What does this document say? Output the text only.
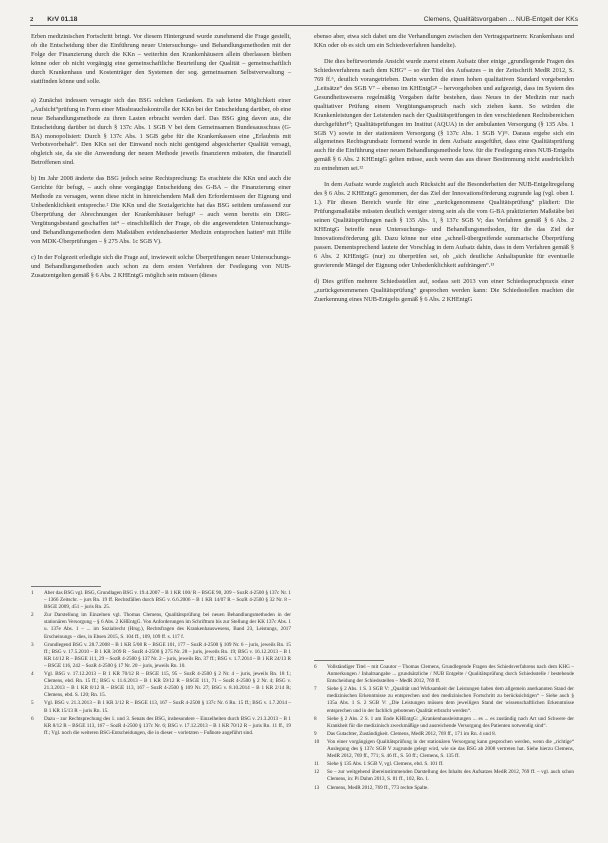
2 KrV 01.18	Clemens, Qualitätsvorgaben ... NUB-Entgelt der KKs

Erben medizinischen Fortschritt bringt. Vor diesem Hintergrund wurde zunehmend die Frage gestellt, ob die Entscheidung über die Einführung neuer Untersuchungs- und Behandlungsmethoden mit der Folge der Finanzierung durch die KKn – weiterhin den Krankenhäusern allein überlassen bleiben könne oder ob nicht vorgängig eine gemeinschaftliche Beurteilung der Qualität – gemeinschaftlich durch Krankenhaus und Kostenträger den Systemen der sog. gemeinsamen Selbstverwaltung – stattfinden könne und solle.

a) Zunächst indessen versagte sich das BSG solchen Gedanken. Es sah keine Möglichkeit einer „Aufsicht“prüfung in Form einer Missbrauchskontrolle der KKn bei der Entscheidung darüber, ob eine neue Behandlungsmethode zu ihren Lasten erbracht werden darf. Das BSG ging davon aus, die Entscheidung darüber ist durch § 137c Abs. 1 SGB V bei dem Gemeinsamen Bundesausschuss (G-BA) monopolisiert: Durch § 137c Abs. 1 SGB gebe für die Krankenkassen eine „Erlaubnis mit Verbotsvorbehalt“. Den KKn sei der Einwand noch nicht genügend abgesicherter Qualität versagt, obgleich sie, da sie die Anwendung der neuen Methode jeweils finanzieren müssten, die finanziell Betroffenen sind.

b) Im Jahr 2008 änderte das BSG jedoch seine Rechtsprechung: Es erachtete die KKn und auch die Gerichte für befugt, – auch ohne vorgängige Entscheidung des G-BA – die Finanzierung einer Methode zu versagen, wenn diese nicht in hinreichendem Maß den Erfordernissen der Eignung und Unbedenklichkeit entspreche.² Die KKn und die Sozialgerichte hat das BSG seitdem umfassend zur Überprüfung der Abrechnungen der Krankenhäuser befugt³ – auch wenn bereits ein DRG-Vergütungsbestand geschaffen ist⁴ – einschließlich der Frage, ob die angewendeten Untersuchungs- und Behandlungsmethoden dem Maßstäben evidenzbasierter Medizin entsprochen hatten⁵ mit Hilfe von MDK-Überprüfungen – § 275 Abs. 1c SGB V).

c) In der Folgezeit erledigte sich die Frage auf, inwieweit solche Überprüfungen neuer Untersuchungs- und Behandlungsmethoden auch schon zu dem ersten Verfahren der Festlegung von NUB-Zusatzentgelten gemäß § 6 Abs. 2 KHEntgG möglich sein müssen (dieses

1	Aber das BSG vgl. BSG, Grundlagen BSG v. 19.4.2007 – B 1 KR 100/ R – BSGE 90, 209 – SozR 4-2500 § 137c Nr. 1 – 1366 Zeitschr. – jurs Rn. 19 ff. Rechtsfällen durch BSG v. 6.6.2006 – B 1 KR 14/07 R – SozR 4-2500 § 32 Nr. 8 – BSGE 2009, 451 – juris Rn. 25.
2	Zur Darstellung im Einzelnen vgl. Thomas Clemens, Qualitätsprüfung bei neuen Behandlungsmethoden in der stationären Versorgung – § 6 Abs. 2 KHEntgG. Von Anforderungen im Schrifttum bis zur Stellung der KK 137c Abs. 1 u. 137e Abs. 1 – ... im Sozialrecht (Hrsg.), Rechtsfragen des Krankenhauswesens, Band 23, Leistungs, 2017 Erscheinungs – dies, in Ebsen 2015, S. 104 ff., 109, 109 ff. s. 117 f.
3	Grundlegend BSG v. 28.7.2008 – B 1 KR 5/08 R – BSGE 101, 177 – SozR 4-2500 § 109 Nr. 6 – juris, jeweils Rn. 15 ff.; BSG v. 17.5.2010 – B 1 KR 3/09 R – SozR 4-2500 § 275 Nr. 28 – juris, jeweils Rn. 19; BSG v. 16.12.2013 – B 1 KR 14/12 R – BSGE 111, 29 – SozR 4-2500 § 137 Nr. 2 – juris, jeweils Rn. 37 ff.; BSG v. 1.7.2014 – B 1 KR 24/13 R – BSGE 116, 242 – SozR 4-2500 § 17 Nr. 20 – juris, jeweils Rn. 10.
4	Vgl. BSG v. 17.12.2013 – B 1 KR 70/12 R – BSGE 115, 95 – SozR 4-2500 § 2 Nr. 4 – juris, jeweils Rn. 18 f.; Clemens, ebd. Rn. 15 ff.; BSG v. 11.6.2013 – B 1 KR 59/12 R – BSGE 111, 71 – SozR 4-2500 § 2 Nr. 4; BSG v. 21.3.2013 – B 1 KR 8/12 R – BSGE 113, 167 – SozR 4-2500 § 109 Nr. 27; BSG v. 8.10.2014 – B 1 KR 2/14 R; Clemens, ebd. S. 120; Rn. 15.
5	Vgl. BSG v. 21.3.2013 – B 1 KR 3/12 R – BSGE 113, 167 – SozR 4-2500 § 137c Nr. 6 Rn. 15 ff.; BSG v. 1.7.2014 – B 1 KR 15/13 R – juris Rn. 15.
6	Dazu – zur Rechtsprechung des 1. und 3. Senats des BSG, insbesondere – Einzelheiten durch BSG v. 21.3.2013 – B 1 KR 8/12 R – BSGE 113, 167 – SozR 4-2500 § 137c Nr. 6; BSG v. 17.12.2013 – B 1 KR 70/12 R – juris Rn. 11 ff., 19 ff.; Vgl. noch die weiteren BSG-Entscheidungen, die in dieser – vorletzten – Fußnote angeführt sind.

ebenso aber, etwa sich dabei um die Verhandlungen zwischen den Vertragspartnern: Krankenhaus und KKn oder ob es sich um ein Schiedsverfahren handelte).

Die dies befürwortende Ansicht wurde zuerst einem Aufsatz über einige „grundlegende Fragen des Schiedsverfahrens nach dem KHG“ – so der Titel des Aufsatzes – in der Zeitschrift MedR 2012, S. 769 ff.⁶, deutlich vorangetrieben. Darin wurden die einen hohen qualitativen Standard vorgebenden „Leitsätze“ des SGB V⁷ – ebenso im KHEntgG⁸ – hervorgehoben und aufgezeigt, dass im System des Gesundheitswesens regelmäßig Vorgaben dafür bestehen, dass Neues in der Medizin nur nach qualitativer Prüfung einem Vergütungsanspruch nach sich ziehen kann. So würden die Krankenleistungen der Leistenden nach der Qualitätsprüfungen in den verschiedenen Rechtsbereichen durchgeführt¹⁰; Qualitätsprüfungen im Institut (AQUA) in der ambulanten Versorgung (§ 135 Abs. 1 SGB V) sowie in der stationären Versorgung (§ 137c Abs. 1 SGB V)¹¹. Daraus ergebe sich ein allgemeines Rechtsgrundsatz formend wurde in dem Aufsatz ausgeführt, dass eine Qualitätsprüfung auch für die Einführung einer neuen Behandlungsmethode bzw. für die Festlegung eines NUB-Entgelts gemäß § 6 Abs. 2 KHEntgG gelten müsse, auch wenn das aus dieser Bestimmung nicht ausdrücklich zu entnehmen sei.¹²

In dem Aufsatz wurde zugleich auch Rücksicht auf die Besonderheiten der NUB-Entgeltregelung des § 6 Abs. 2 KHEntgG genommen, der das Ziel der Innovationsförderung zugrunde lag (vgl. oben I. 1.). Für diesen Bereich wurde für eine „zurückgenommene Qualitätsprüfung“ plädiert: Die Prüfungsmaßstäbe müssten deutlich weniger streng sein als die vom G-BA praktizierten Maßstäbe bei seinen Qualitätsprüfungen nach § 135 Abs. 1, § 137c SGB V; das Verfahren gemäß § 6 Abs. 2 KHEntgG betreffe neue Untersuchungs- und Behandlungsmethoden, für die das Ziel der Innovationsförderung gilt. Dazu könne nur eine „schnell-übergreifende summarische Überprüfung passen. Dementsprechend lautete der Vorschlag in dem Aufsatz dahin, dass in dem Verfahren gemäß § 6 Abs. 2 KHEntgG (nur) zu überprüfen sei, ob „sich deutliche Anhaltspunkte für eventuelle gravierende Mängel der Eignung oder Unbedenklichkeit aufdrängen“.¹³

d) Dies griffen mehrere Schiedsstellen auf, sodass seit 2013 von einer Schiedsspruchpraxis einer „zurückgenommenen Qualitätsprüfung“ gesprochen werden kann: Die Schiedsstellen machten die Zuerkennung eines NUB-Entgelts gemäß § 6 Abs. 2 KHEntgG

6	Vollständiger Titel – mit Coautor – Thomas Clemens, Grundlegende Fragen des Schiedsverfahrens nach dem KHG – Anmerkungen / Inhaltsangabe ... grundsätzliche / NUB Entgelte / Qualitätsprüfung durch Schiedsstelle / bestehende Entscheidung der Schiedsstellen – MedR 2012, 769 ff.
7	Siehe § 2 Abs. 1 S. 3 SGB V: „Qualität und Wirksamkeit der Leistungen haben dem allgemein anerkannten Stand der medizinischen Erkenntnisse zu entsprechen und den medizinischen Fortschritt zu berücksichtigen“ – Siehe auch § 135a Abs. 1 S. 2 SGB V: „Die Leistungen müssen dem jeweiligen Stand der wissenschaftlichen Erkenntnisse entsprechen und in der fachlich gebotenen Qualität erbracht werden“.
8	Siehe § 2 Abs. 2 S. 1 am Ende KHEntgG: „Krankenhausleistungen ... es ... es zuständig nach Art und Schwere der Krankheit für die medizinisch zweckmäßige und ausreichende Versorgung des Patienten notwendig sind“.
9	Das Gutachter, Zuständigkeit. Clemens, MedR 2012, 769 ff., 171 im Rn. 4 und 8.
10	Von einer vorgängigen Qualitätsprüfung in der stationären Versorgung kann gesprochen werden, wenn die „richtige“ Auslegung des § 137c SGB V zugrunde gelegt wird, wie sie das BSG ab 2008 vertreten hat. Siehe hierzu Clemens, MedR 2012, 769 ff., 771; S. 46 ff., S. 50 ff.; Clemens, S. 135 ff.
11	Siehe § 135 Abs. 1 SGB V, vgl. Clemens, ebd. S. 101 ff.
12	So – zur weitgehend übereinstimmenden Darstellung des Inhalts des Aufsatzes MedR 2012, 769 ff. – vgl. auch schon Clemens, in: Pi Dahm 2013, S. 81 ff., 102, Rn. 1.
13	Clemens, MedR 2012, 769 ff., 773 rechte Spalte.
